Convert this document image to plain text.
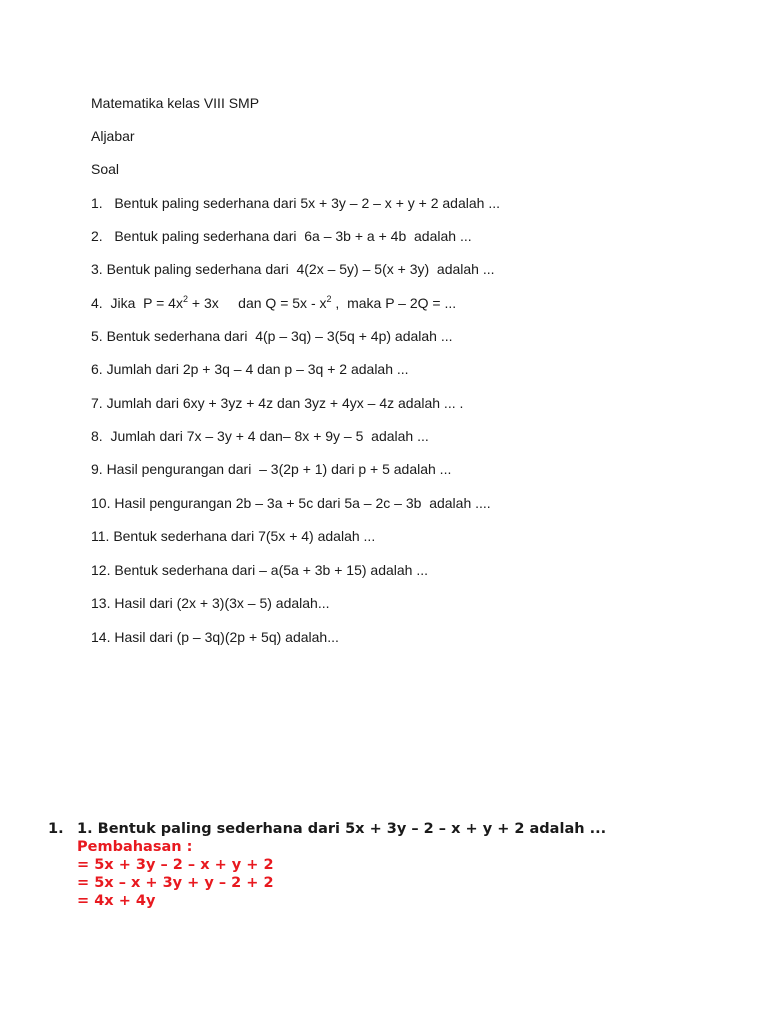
Matematika kelas VIII SMP
Aljabar
Soal
1.   Bentuk paling sederhana dari 5x + 3y – 2 – x + y + 2 adalah ...
2.   Bentuk paling sederhana dari  6a – 3b + a + 4b  adalah ...
3. Bentuk paling sederhana dari  4(2x – 5y) – 5(x + 3y)  adalah ...
4.  Jika  $P = 4x^2 + 3x$     dan $Q = 5x - x^2$ ,  maka P – 2Q = ...
5. Bentuk sederhana dari  4(p – 3q) – 3(5q + 4p) adalah ...
6. Jumlah dari 2p + 3q – 4 dan p – 3q + 2 adalah ...
7. Jumlah dari 6xy + 3yz + 4z dan 3yz + 4yx – 4z adalah ... .
8.  Jumlah dari 7x – 3y + 4 dan– 8x + 9y – 5  adalah ...
9. Hasil pengurangan dari  – 3(2p + 1) dari p + 5 adalah ...
10. Hasil pengurangan 2b – 3a + 5c dari 5a – 2c – 3b  adalah ....
11. Bentuk sederhana dari 7(5x + 4) adalah ...
12. Bentuk sederhana dari – a(5a + 3b + 15) adalah ...
13. Hasil dari (2x + 3)(3x – 5) adalah...
14. Hasil dari (p – 3q)(2p + 5q) adalah...
1. 1. Bentuk paling sederhana dari 5x + 3y – 2 – x + y + 2 adalah ...
Pembahasan :
= 5x + 3y – 2 – x + y + 2
= 5x – x + 3y + y – 2 + 2
= 4x + 4y
